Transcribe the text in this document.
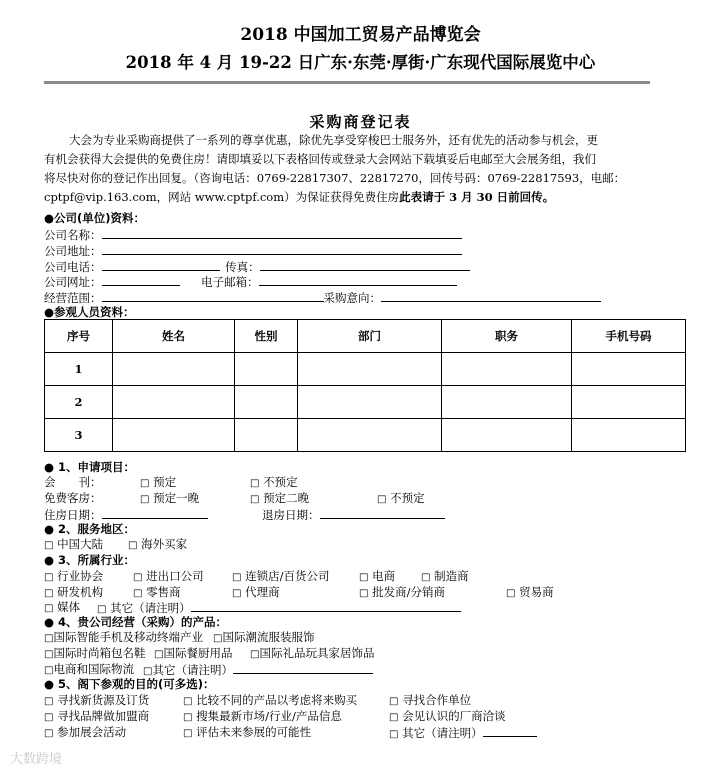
2018 中国加工贸易产品博览会
2018 年 4 月 19-22 日广东·东莞·厚街·广东现代国际展览中心
采购商登记表

大会为专业采购商提供了一系列的尊享优惠，除优先享受穿梭巴士服务外，还有优先的活动参与机会，更

有机会获得大会提供的免费住房！请即填妥以下表格回传或登录大会网站下载填妥后电邮至大会展务组，我们
将尽快对你的登记作出回复。（咨询电话：0769-22817307、22817270，回传号码：0769-22817593，电邮：
cptpf@vip.163.com，网站 www.cptpf.com）为保证获得免费住房此表请于 3 月 30 日前回传。
●公司(单位)资料：
公司名称：
公司地址：
公司电话：	传真：
公司网址：	电子邮箱：
经营范围：	采购意向：
●参观人员资料：
序号	姓名	性别	部门	职务	手机号码
1					
2					
3					
● 1、申请项目：
会　　刊：	□ 预定	□ 不预定
免费客房：	□ 预定一晚	□ 预定二晚	□ 不预定
住房日期：	退房日期：
● 2、服务地区：
□ 中国大陆 □ 海外买家
● 3、所属行业：
□ 行业协会	□ 进出口公司	□ 连锁店/百货公司	□ 电商	□ 制造商
□ 研发机构	□ 零售商	□ 代理商	□ 批发商/分销商	□ 贸易商
□ 媒体 □ 其它（请注明）
● 4、贵公司经营（采购）的产品：
□国际智能手机及移动终端产业 □国际潮流服装服饰
□国际时尚箱包名鞋 □国际餐厨用品 □国际礼品玩具家居饰品
□电商和国际物流 □其它（请注明）
● 5、阁下参观的目的(可多选)：
□ 寻找新货源及订货	□ 比较不同的产品以考虑将来购买	□ 寻找合作单位
□ 寻找品牌做加盟商	□ 搜集最新市场/行业/产品信息	□ 会见认识的厂商洽谈
□ 参加展会活动	□ 评估未来参展的可能性	□ 其它（请注明）
大数跨境
